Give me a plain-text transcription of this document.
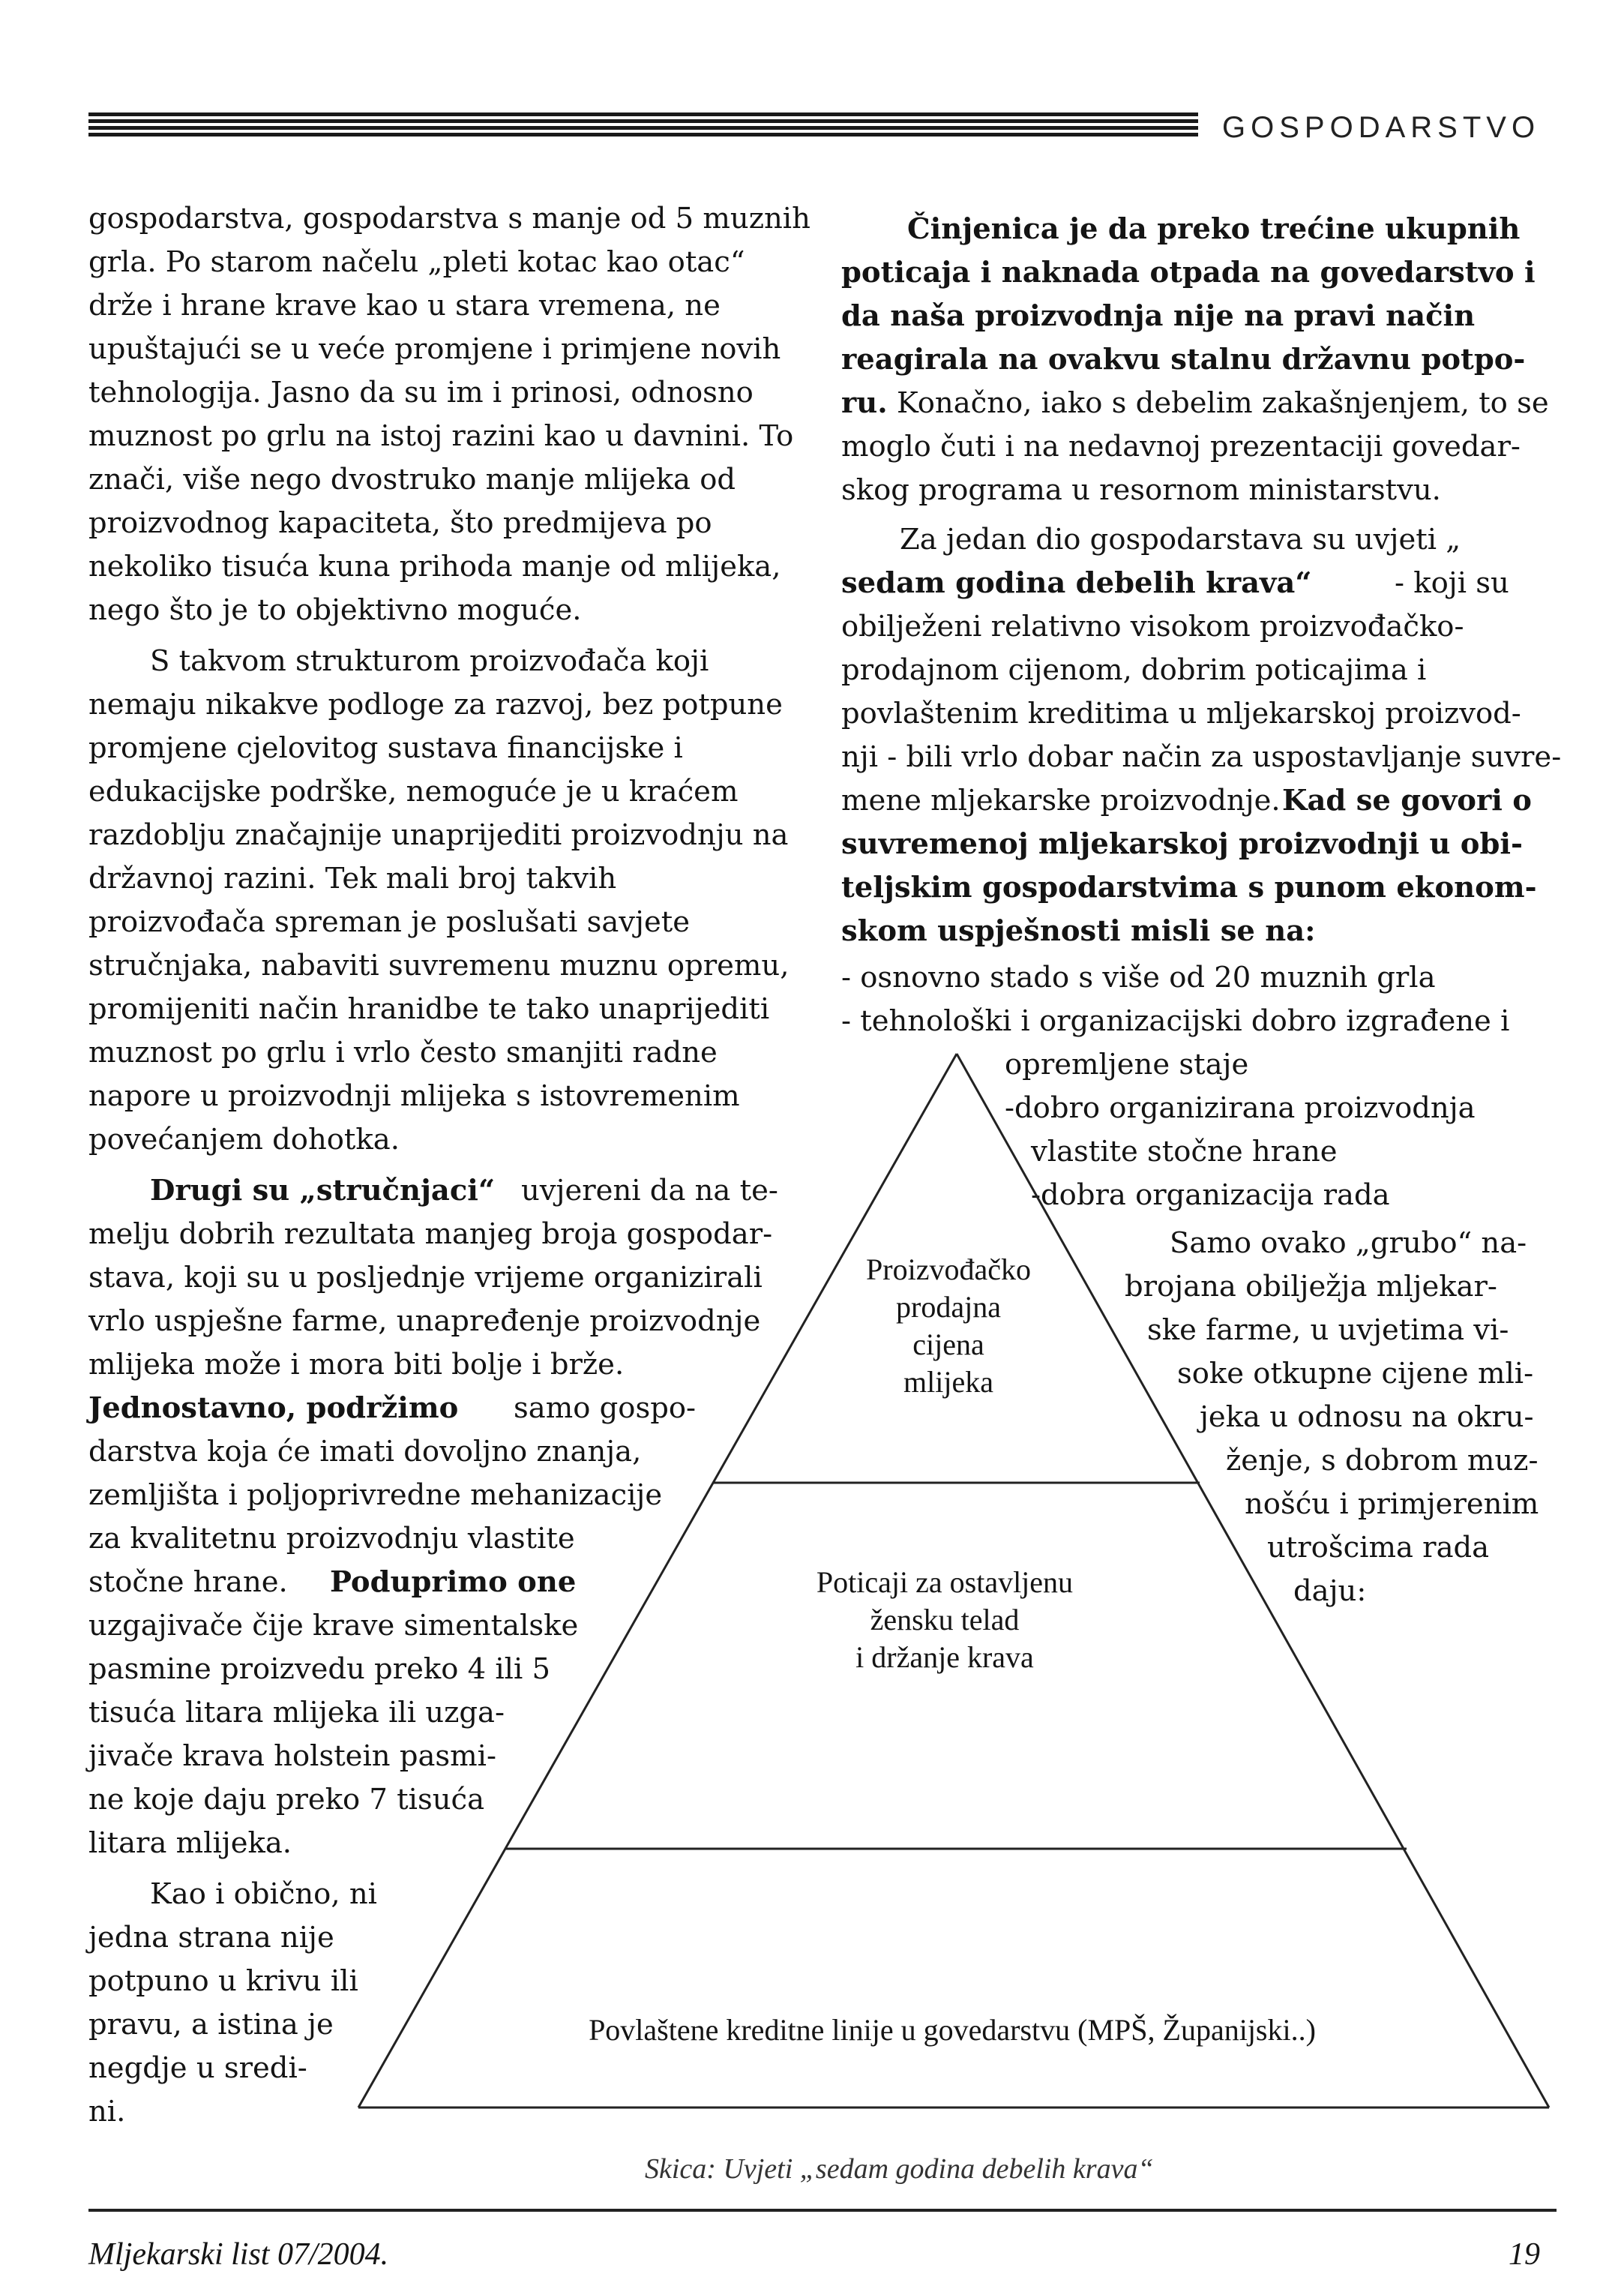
GOSPODARSTVO
gospodarstva, gospodarstva s manje od 5 muznih
grla. Po starom načelu „pleti kotac kao otac“
drže i hrane krave kao u stara vremena, ne
upuštajući se u veće promjene i primjene novih
tehnologija. Jasno da su im i prinosi, odnosno
muznost po grlu na istoj razini kao u davnini. To
znači, više nego dvostruko manje mlijeka od
proizvodnog kapaciteta, što predmijeva po
nekoliko tisuća kuna prihoda manje od mlijeka,
nego što je to objektivno moguće.
S takvom strukturom proizvođača koji
nemaju nikakve podloge za razvoj, bez potpune
promjene cjelovitog sustava financijske i
edukacijske podrške, nemoguće je u kraćem
razdoblju značajnije unaprijediti proizvodnju na
državnoj razini. Tek mali broj takvih
proizvođača spreman je poslušati savjete
stručnjaka, nabaviti suvremenu muznu opremu,
promijeniti način hranidbe te tako unaprijediti
muznost po grlu i vrlo često smanjiti radne
napore u proizvodnji mlijeka s istovremenim
povećanjem dohotka.
Drugi su „stručnjaci“ uvjereni da na te-
melju dobrih rezultata manjeg broja gospodar-
stava, koji su u posljednje vrijeme organizirali
vrlo uspješne farme, unapređenje proizvodnje
mlijeka može i mora biti bolje i brže.
Jednostavno, podržimo samo gospo-
darstva koja će imati dovoljno znanja,
zemljišta i poljoprivredne mehanizacije
za kvalitetnu proizvodnju vlastite
stočne hrane. Poduprimo one
uzgajivače čije krave simentalske
pasmine proizvedu preko 4 ili 5
tisuća litara mlijeka ili uzga-
jivače krava holstein pasmi-
ne koje daju preko 7 tisuća
litara mlijeka.
Kao i obično, ni
jedna strana nije
potpuno u krivu ili
pravu, a istina je
negdje u sredi-
ni.
Činjenica je da preko trećine ukupnih
poticaja i naknada otpada na govedarstvo i
da naša proizvodnja nije na pravi način
reagirala na ovakvu stalnu državnu potpo-
ru. Konačno, iako s debelim zakašnjenjem, to se
moglo čuti i na nedavnoj prezentaciji govedar-
skog programa u resornom ministarstvu.
Za jedan dio gospodarstava su uvjeti „
sedam godina debelih krava“	- koji su
obilježeni relativno visokom proizvođačko-
prodajnom cijenom, dobrim poticajima i
povlaštenim kreditima u mljekarskoj proizvod-
nji - bili vrlo dobar način za uspostavljanje suvre-
mene mljekarske proizvodnje. Kad se govori o
suvremenoj mljekarskoj proizvodnji u obi-
teljskim gospodarstvima s punom ekonom-
skom uspješnosti misli se na:
- osnovno stado s više od 20 muznih grla
- tehnološki i organizacijski dobro izgrađene i
opremljene staje
-dobro organizirana proizvodnja
vlastite stočne hrane
-dobra organizacija rada
Samo ovako „grubo“ na-
brojana obilježja mljekar-
ske farme, u uvjetima vi-
soke otkupne cijene mli-
jeka u odnosu na okru-
ženje, s dobrom muz-
nošću i primjerenim
utrošcima rada
daju:
Proizvođačko
prodajna
cijena
mlijeka
Poticaji za ostavljenu
žensku telad
i držanje krava
Povlaštene kreditne linije u govedarstvu (MPŠ, Županijski..)
Skica: Uvjeti „sedam godina debelih krava“
Mljekarski list 07/2004.	19
